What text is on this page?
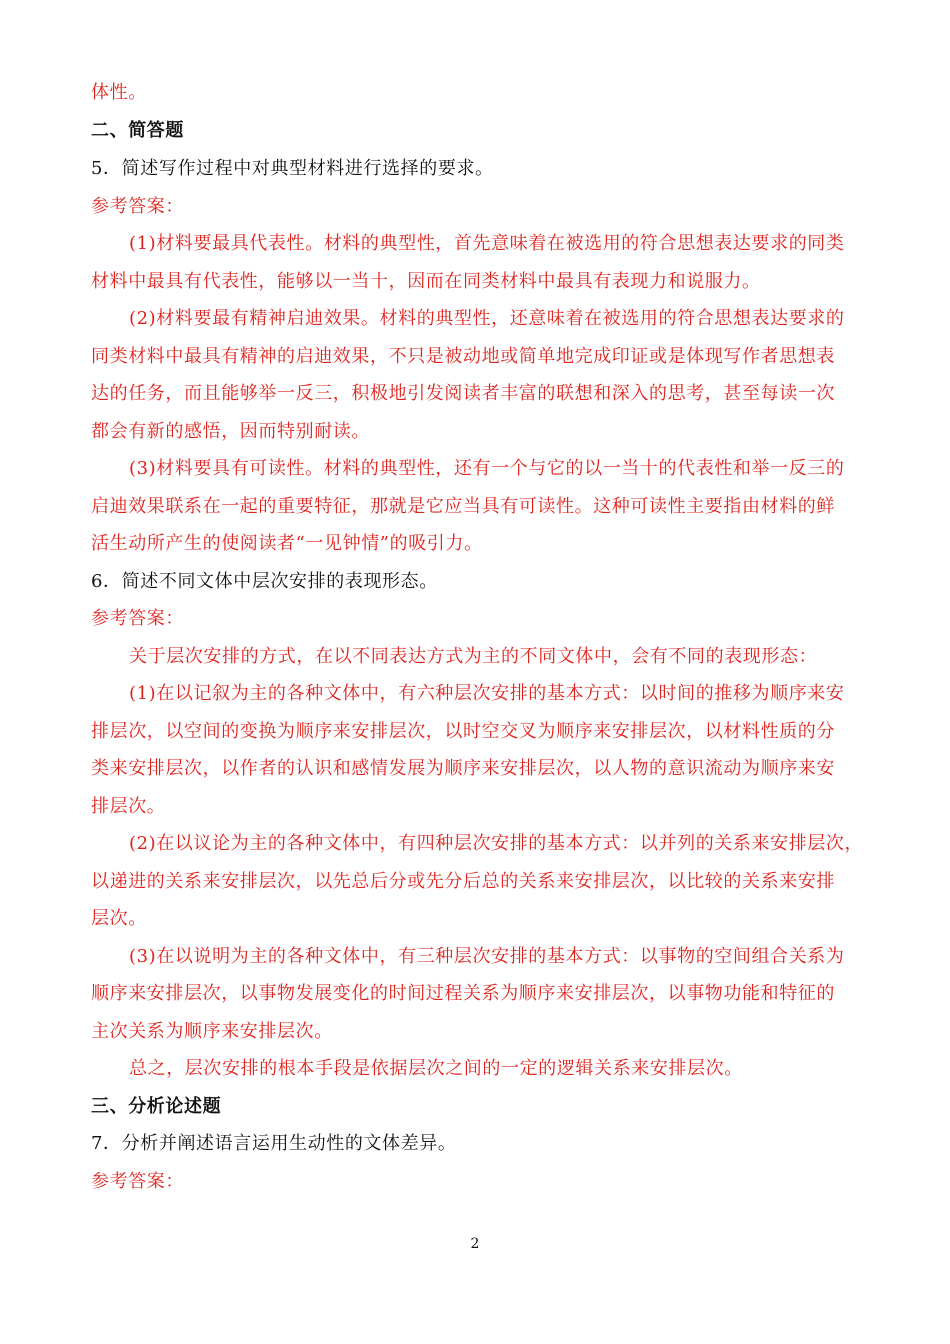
体性。
二、简答题
5．简述写作过程中对典型材料进行选择的要求。
参考答案：
(1)材料要最具代表性。材料的典型性，首先意味着在被选用的符合思想表达要求的同类
材料中最具有代表性，能够以一当十，因而在同类材料中最具有表现力和说服力。
(2)材料要最有精神启迪效果。材料的典型性，还意味着在被选用的符合思想表达要求的
同类材料中最具有精神的启迪效果，不只是被动地或简单地完成印证或是体现写作者思想表
达的任务，而且能够举一反三，积极地引发阅读者丰富的联想和深入的思考，甚至每读一次
都会有新的感悟，因而特别耐读。
(3)材料要具有可读性。材料的典型性，还有一个与它的以一当十的代表性和举一反三的
启迪效果联系在一起的重要特征，那就是它应当具有可读性。这种可读性主要指由材料的鲜
活生动所产生的使阅读者“一见钟情”的吸引力。
6．简述不同文体中层次安排的表现形态。
参考答案：
关于层次安排的方式，在以不同表达方式为主的不同文体中，会有不同的表现形态：
(1)在以记叙为主的各种文体中，有六种层次安排的基本方式：以时间的推移为顺序来安
排层次，以空间的变换为顺序来安排层次，以时空交叉为顺序来安排层次，以材料性质的分
类来安排层次，以作者的认识和感情发展为顺序来安排层次，以人物的意识流动为顺序来安
排层次。
(2)在以议论为主的各种文体中，有四种层次安排的基本方式：以并列的关系来安排层次，
以递进的关系来安排层次，以先总后分或先分后总的关系来安排层次，以比较的关系来安排
层次。
(3)在以说明为主的各种文体中，有三种层次安排的基本方式：以事物的空间组合关系为
顺序来安排层次，以事物发展变化的时间过程关系为顺序来安排层次，以事物功能和特征的
主次关系为顺序来安排层次。
总之，层次安排的根本手段是依据层次之间的一定的逻辑关系来安排层次。
三、分析论述题
7．分析并阐述语言运用生动性的文体差异。
参考答案：
2
